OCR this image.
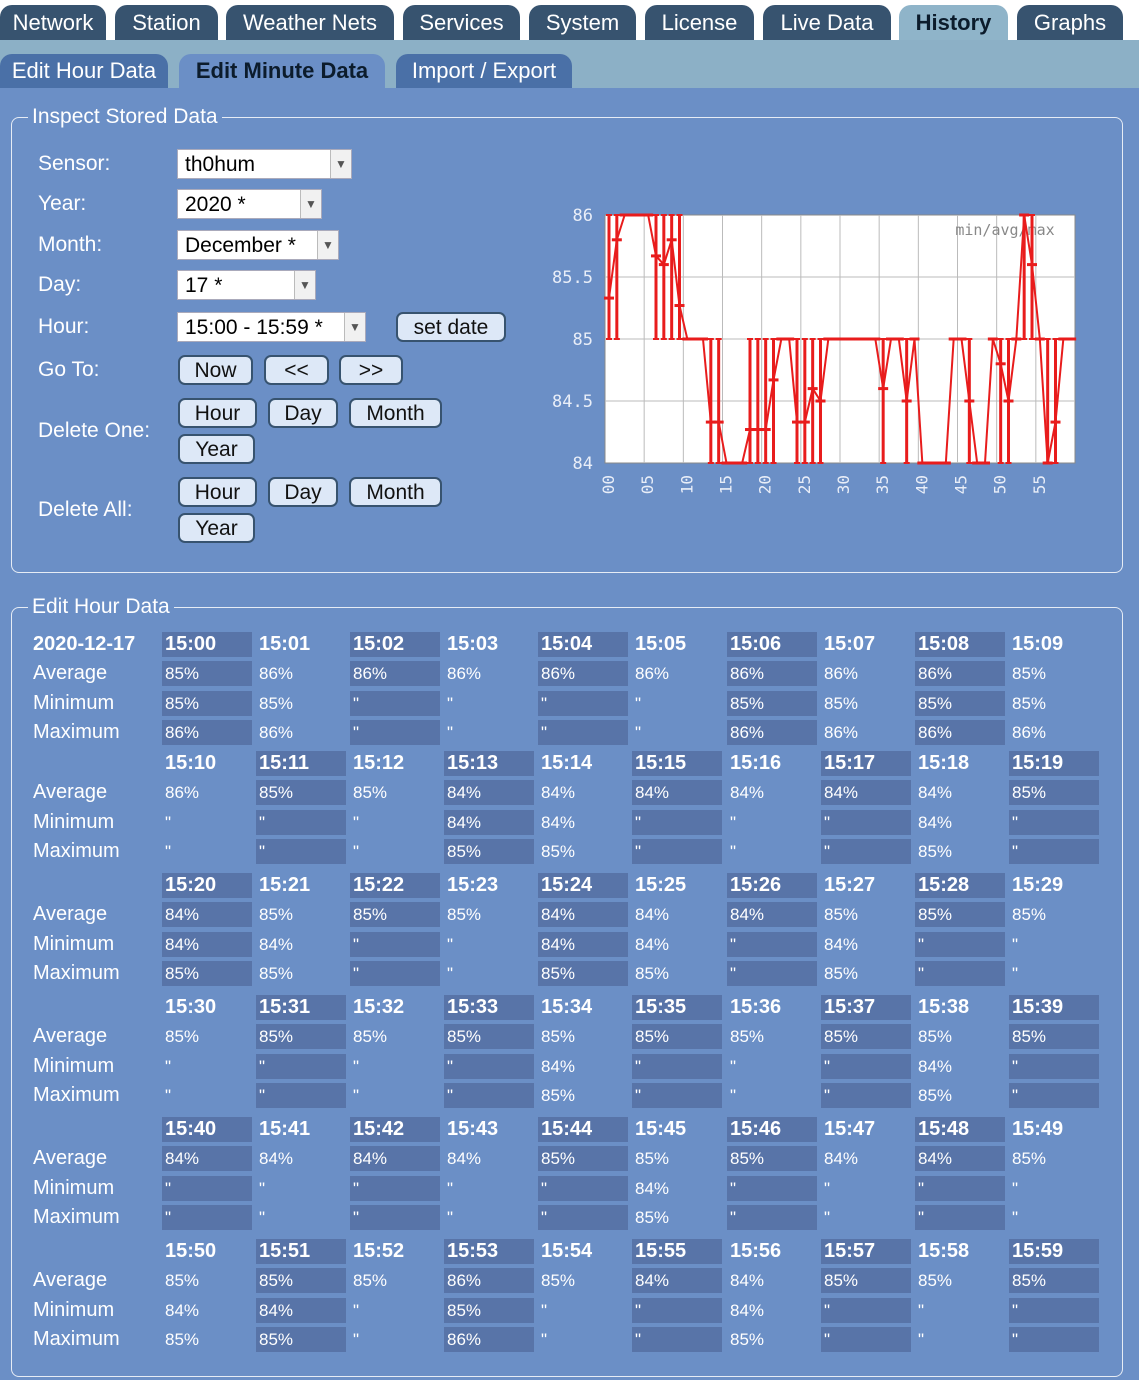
Network	Station	Weather Nets	Services	System	License	Live Data	History	Graphs
Edit Hour Data	Edit Minute Data	Import / Export
Inspect Stored Data
Sensor:	th0hum	▼
Year:	2020 *	▼
Month:	December *	▼
Day:	17 *	▼
Hour:	15:00 - 15:59 *	▼	set date
Go To:	Now	<<	>>
Delete One:
Hour	Day	Month
Year
Delete All:
Hour	Day	Month
Year
86
85.5
85
84.5
84
00 05 10 15 20 25 30 35 40 45 50 55
min/avg/max
Edit Hour Data
2020-12-17 15:00	15:01	15:02	15:03	15:04	15:05	15:06	15:07	15:08	15:09
Average	85%	86%	86%	86%	86%	86%	86%	86%	86%	85%
Minimum	85%	85%	"	"	"	"	85%	85%	85%	85%
Maximum	86%	86%	"	"	"	"	86%	86%	86%	86%
15:10	15:11	15:12	15:13	15:14	15:15	15:16	15:17	15:18	15:19
Average	86%	85%	85%	84%	84%	84%	84%	84%	84%	85%
Minimum	"	"	"	84%	84%	"	"	"	84%	"
Maximum	"	"	"	85%	85%	"	"	"	85%	"
15:20	15:21	15:22	15:23	15:24	15:25	15:26	15:27	15:28	15:29
Average	84%	85%	85%	85%	84%	84%	84%	85%	85%	85%
Minimum	84%	84%	"	"	84%	84%	"	84%	"	"
Maximum	85%	85%	"	"	85%	85%	"	85%	"	"
15:30	15:31	15:32	15:33	15:34	15:35	15:36	15:37	15:38	15:39
Average	85%	85%	85%	85%	85%	85%	85%	85%	85%	85%
Minimum	"	"	"	"	84%	"	"	"	84%	"
Maximum	"	"	"	"	85%	"	"	"	85%	"
15:40	15:41	15:42	15:43	15:44	15:45	15:46	15:47	15:48	15:49
Average	84%	84%	84%	84%	85%	85%	85%	84%	84%	85%
Minimum	"	"	"	"	"	84%	"	"	"	"
Maximum	"	"	"	"	"	85%	"	"	"	"
15:50	15:51	15:52	15:53	15:54	15:55	15:56	15:57	15:58	15:59
Average	85%	85%	85%	86%	85%	84%	84%	85%	85%	85%
Minimum	84%	84%	"	85%	"	"	84%	"	"	"
Maximum	85%	85%	"	86%	"	"	85%	"	"	"
